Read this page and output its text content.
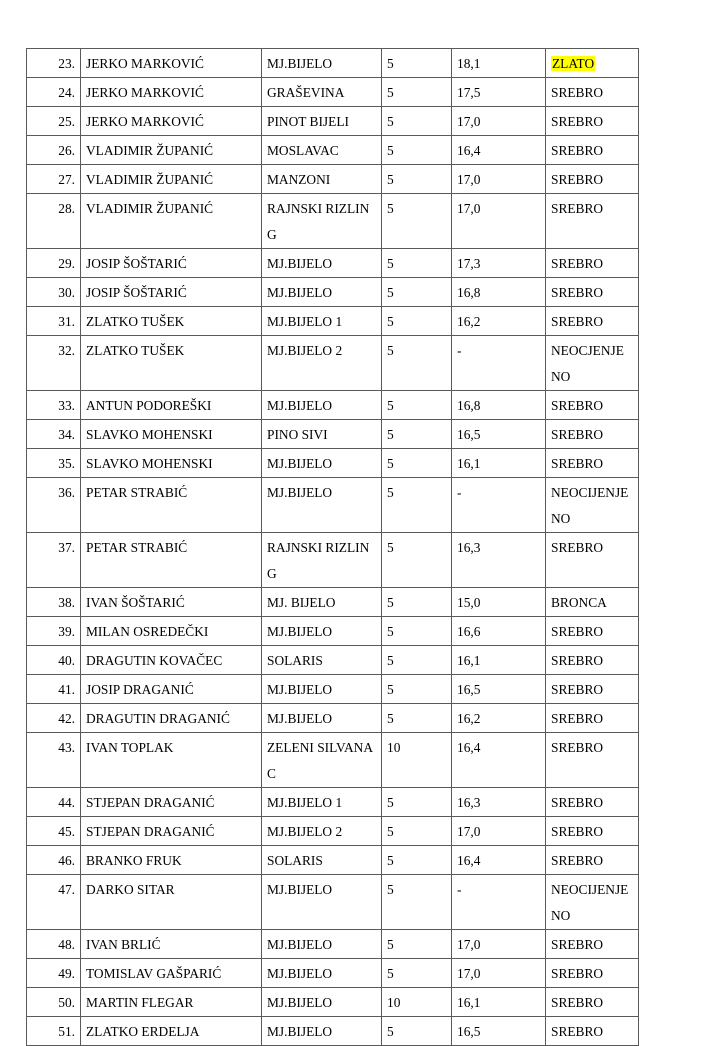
23.	JERKO MARKOVIĆ	MJ.BIJELO	5	18,1	ZLATO
24.	JERKO MARKOVIĆ	GRAŠEVINA	5	17,5	SREBRO
25.	JERKO MARKOVIĆ	PINOT BIJELI	5	17,0	SREBRO
26.	VLADIMIR ŽUPANIĆ	MOSLAVAC	5	16,4	SREBRO
27.	VLADIMIR ŽUPANIĆ	MANZONI	5	17,0	SREBRO
28.	VLADIMIR ŽUPANIĆ	RAJNSKI RIZLING	5	17,0	SREBRO

29.	JOSIP ŠOŠTARIĆ	MJ.BIJELO	5	17,3	SREBRO
30.	JOSIP ŠOŠTARIĆ	MJ.BIJELO	5	16,8	SREBRO
31.	ZLATKO TUŠEK	MJ.BIJELO 1	5	16,2	SREBRO
32.	ZLATKO TUŠEK	MJ.BIJELO 2	5	-	NEOCJENJENO

33.	ANTUN PODOREŠKI	MJ.BIJELO	5	16,8	SREBRO
34.	SLAVKO MOHENSKI	PINO SIVI	5	16,5	SREBRO
35.	SLAVKO MOHENSKI	MJ.BIJELO	5	16,1	SREBRO
36.	PETAR STRABIĆ	MJ.BIJELO	5	-	NEOCIJENJENO

37.	PETAR STRABIĆ	RAJNSKI RIZLING	5	16,3	SREBRO

38.	IVAN ŠOŠTARIĆ	MJ. BIJELO	5	15,0	BRONCA
39.	MILAN OSREDEČKI	MJ.BIJELO	5	16,6	SREBRO
40.	DRAGUTIN KOVAČEC	SOLARIS	5	16,1	SREBRO
41.	JOSIP DRAGANIĆ	MJ.BIJELO	5	16,5	SREBRO
42.	DRAGUTIN DRAGANIĆ	MJ.BIJELO	5	16,2	SREBRO
43.	IVAN TOPLAK	ZELENI SILVANAC	10	16,4	SREBRO

44.	STJEPAN DRAGANIĆ	MJ.BIJELO 1	5	16,3	SREBRO
45.	STJEPAN DRAGANIĆ	MJ.BIJELO 2	5	17,0	SREBRO
46.	BRANKO FRUK	SOLARIS	5	16,4	SREBRO
47.	DARKO SITAR	MJ.BIJELO	5	-	NEOCIJENJENO

48.	IVAN BRLIĆ	MJ.BIJELO	5	17,0	SREBRO
49.	TOMISLAV GAŠPARIĆ	MJ.BIJELO	5	17,0	SREBRO
50.	MARTIN FLEGAR	MJ.BIJELO	10	16,1	SREBRO
51.	ZLATKO ERDELJA	MJ.BIJELO	5	16,5	SREBRO
